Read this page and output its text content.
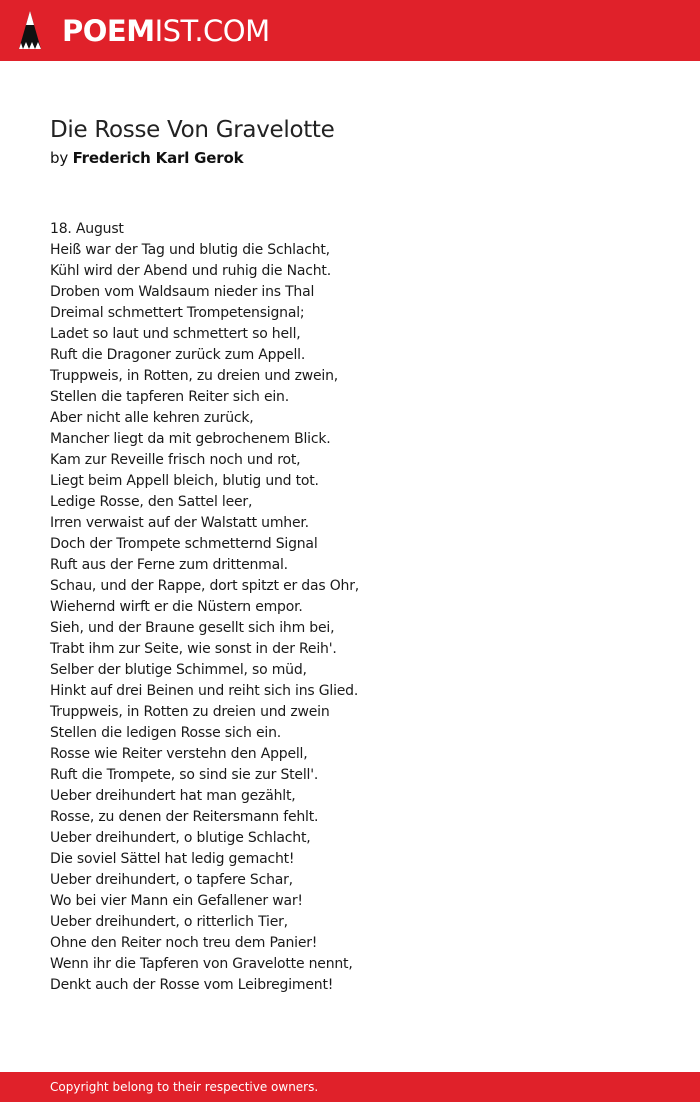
POEMIST.COM
Die Rosse Von Gravelotte
by Frederich Karl Gerok
18. August
Heiß war der Tag und blutig die Schlacht,
Kühl wird der Abend und ruhig die Nacht.
Droben vom Waldsaum nieder ins Thal
Dreimal schmettert Trompetensignal;
Ladet so laut und schmettert so hell,
Ruft die Dragoner zurück zum Appell.
Truppweis, in Rotten, zu dreien und zwein,
Stellen die tapferen Reiter sich ein.
Aber nicht alle kehren zurück,
Mancher liegt da mit gebrochenem Blick.
Kam zur Reveille frisch noch und rot,
Liegt beim Appell bleich, blutig und tot.
Ledige Rosse, den Sattel leer,
Irren verwaist auf der Walstatt umher.
Doch der Trompete schmetternd Signal
Ruft aus der Ferne zum drittenmal.
Schau, und der Rappe, dort spitzt er das Ohr,
Wiehernd wirft er die Nüstern empor.
Sieh, und der Braune gesellt sich ihm bei,
Trabt ihm zur Seite, wie sonst in der Reih'.
Selber der blutige Schimmel, so müd,
Hinkt auf drei Beinen und reiht sich ins Glied.
Truppweis, in Rotten zu dreien und zwein
Stellen die ledigen Rosse sich ein.
Rosse wie Reiter verstehn den Appell,
Ruft die Trompete, so sind sie zur Stell'.
Ueber dreihundert hat man gezählt,
Rosse, zu denen der Reitersmann fehlt.
Ueber dreihundert, o blutige Schlacht,
Die soviel Sättel hat ledig gemacht!
Ueber dreihundert, o tapfere Schar,
Wo bei vier Mann ein Gefallener war!
Ueber dreihundert, o ritterlich Tier,
Ohne den Reiter noch treu dem Panier!
Wenn ihr die Tapferen von Gravelotte nennt,
Denkt auch der Rosse vom Leibregiment!
Copyright belong to their respective owners.
